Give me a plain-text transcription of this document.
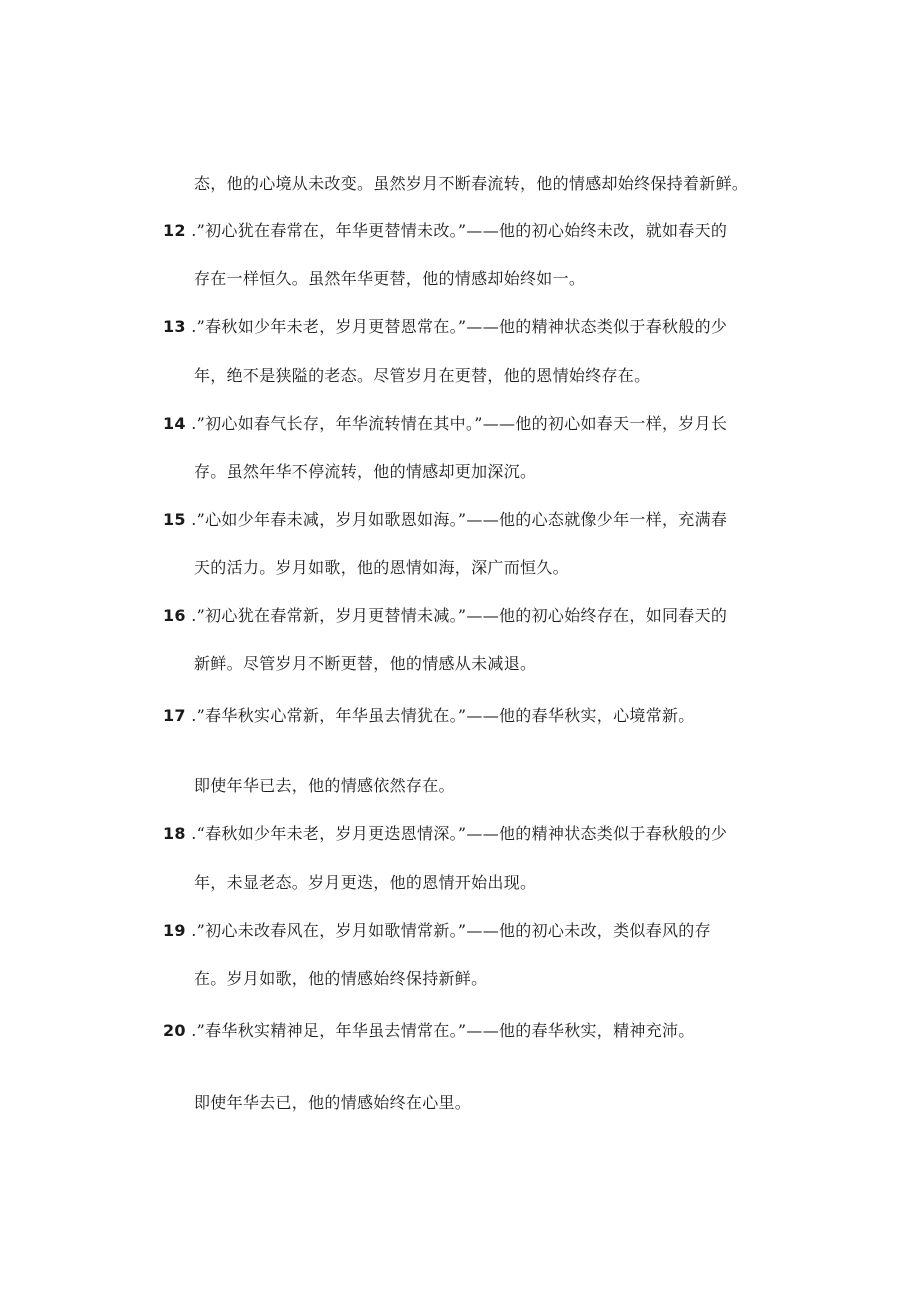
态，他的心境从未改变。虽然岁月不断春流转，他的情感却始终保持着新鲜。
12 .”初心犹在春常在，年华更替情未改。”——他的初心始终未改，就如春天的
存在一样恒久。虽然年华更替，他的情感却始终如一。
13 .”春秋如少年未老，岁月更替恩常在。”——他的精神状态类似于春秋般的少
年，绝不是狭隘的老态。尽管岁月在更替，他的恩情始终存在。
14 .”初心如春气长存，年华流转情在其中。”——他的初心如春天一样，岁月长
存。虽然年华不停流转，他的情感却更加深沉。
15 .”心如少年春未减，岁月如歌恩如海。”——他的心态就像少年一样，充满春
天的活力。岁月如歌，他的恩情如海，深广而恒久。
16 .”初心犹在春常新，岁月更替情未减。”——他的初心始终存在，如同春天的
新鲜。尽管岁月不断更替，他的情感从未减退。
17 .”春华秋实心常新，年华虽去情犹在。”——他的春华秋实，心境常新。
即使年华已去，他的情感依然存在。
18 .“春秋如少年未老，岁月更迭恩情深。”——他的精神状态类似于春秋般的少
年，未显老态。岁月更迭，他的恩情开始出现。
19 .”初心未改春风在，岁月如歌情常新。”——他的初心未改，类似春风的存
在。岁月如歌，他的情感始终保持新鲜。
20 .”春华秋实精神足，年华虽去情常在。”——他的春华秋实，精神充沛。
即使年华去已，他的情感始终在心里。
